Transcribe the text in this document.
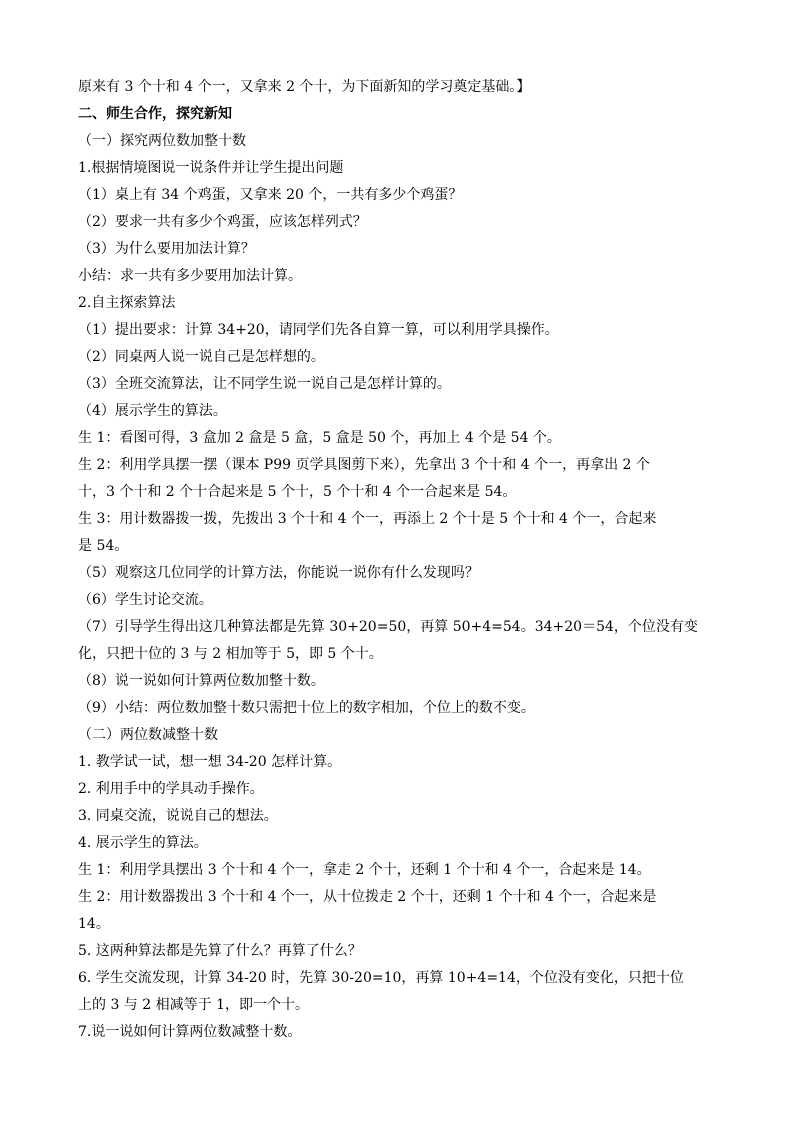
原来有 3 个十和 4 个一，又拿来 2 个十，为下面新知的学习奠定基础。】
二、师生合作，探究新知
（一）探究两位数加整十数
1.根据情境图说一说条件并让学生提出问题
（1）桌上有 34 个鸡蛋，又拿来 20 个，一共有多少个鸡蛋？
（2）要求一共有多少个鸡蛋，应该怎样列式？
（3）为什么要用加法计算？
小结：求一共有多少要用加法计算。
2.自主探索算法
（1）提出要求：计算 34+20，请同学们先各自算一算，可以利用学具操作。
（2）同桌两人说一说自己是怎样想的。
（3）全班交流算法，让不同学生说一说自己是怎样计算的。
（4）展示学生的算法。
生 1：看图可得，3 盒加 2 盒是 5 盒，5 盒是 50 个，再加上 4 个是 54 个。
生 2：利用学具摆一摆（课本 P99 页学具图剪下来），先拿出 3 个十和 4 个一，再拿出 2 个
十，3 个十和 2 个十合起来是 5 个十，5 个十和 4 个一合起来是 54。
生 3：用计数器拨一拨，先拨出 3 个十和 4 个一，再添上 2 个十是 5 个十和 4 个一，合起来
是 54。
（5）观察这几位同学的计算方法，你能说一说你有什么发现吗？
（6）学生讨论交流。
（7）引导学生得出这几种算法都是先算 30+20=50，再算 50+4=54。34+20＝54，个位没有变
化，只把十位的 3 与 2 相加等于 5，即 5 个十。
（8）说一说如何计算两位数加整十数。
（9）小结：两位数加整十数只需把十位上的数字相加，个位上的数不变。
（二）两位数减整十数
1. 教学试一试，想一想 34-20 怎样计算。
2. 利用手中的学具动手操作。
3. 同桌交流，说说自己的想法。
4. 展示学生的算法。
生 1：利用学具摆出 3 个十和 4 个一，拿走 2 个十，还剩 1 个十和 4 个一，合起来是 14。
生 2：用计数器拨出 3 个十和 4 个一，从十位拨走 2 个十，还剩 1 个十和 4 个一，合起来是
14。
5. 这两种算法都是先算了什么？再算了什么？
6. 学生交流发现，计算 34-20 时，先算 30-20=10，再算 10+4=14，个位没有变化，只把十位
上的 3 与 2 相减等于 1，即一个十。
7.说一说如何计算两位数减整十数。
